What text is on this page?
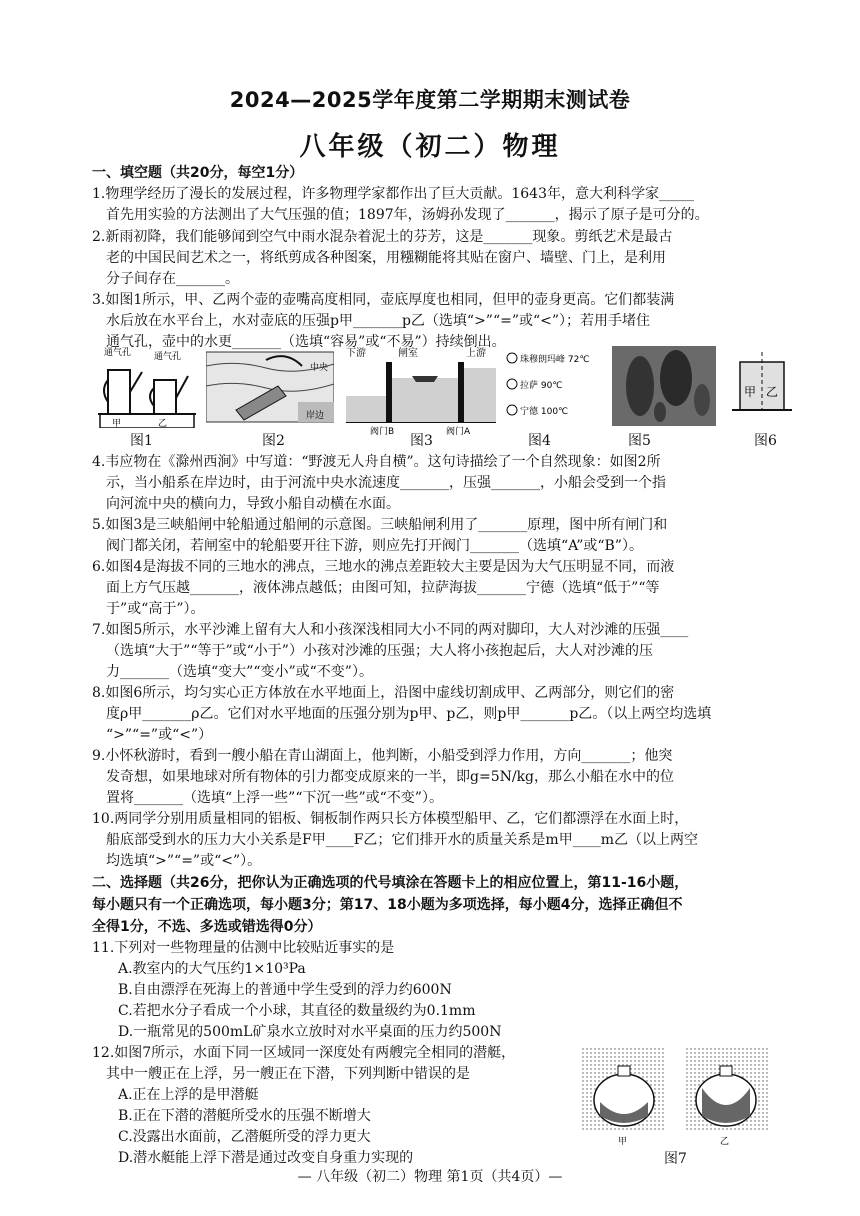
2024—2025学年度第二学期期末测试卷
八年级（初二）物理
一、填空题（共20分，每空1分）
1.物理学经历了漫长的发展过程，许多物理学家都作出了巨大贡献。1643年，意大利科学家_____
首先用实验的方法测出了大气压强的值；1897年，汤姆孙发现了_______，揭示了原子是可分的。
2.新雨初降，我们能够闻到空气中雨水混杂着泥土的芬芳，这是_______现象。剪纸艺术是最古
老的中国民间艺术之一，将纸剪成各种图案，用糨糊能将其贴在窗户、墙壁、门上，是利用
分子间存在_______。
3.如图1所示，甲、乙两个壶的壶嘴高度相同，壶底厚度也相同，但甲的壶身更高。它们都装满
水后放在水平台上，水对壶底的压强p甲_______p乙（选填“>”“=”或“<”）；若用手堵住
通气孔，壶中的水更_______（选填“容易”或“不易”）持续倒出。
通气孔	通气孔
甲	乙
中央
岸边
下游	闸室	上游
阀门B	阀门A
珠穆朗玛峰 72℃
拉萨 90℃
宁德 100℃
甲 乙
图1	图2	图3	图4	图5	图6
4.韦应物在《滁州西涧》中写道：“野渡无人舟自横”。这句诗描绘了一个自然现象：如图2所
示，当小船系在岸边时，由于河流中央水流速度_______，压强_______，小船会受到一个指
向河流中央的横向力，导致小船自动横在水面。
5.如图3是三峡船闸中轮船通过船闸的示意图。三峡船闸利用了_______原理，图中所有闸门和
阀门都关闭，若闸室中的轮船要开往下游，则应先打开阀门_______（选填“A”或“B”）。
6.如图4是海拔不同的三地水的沸点，三地水的沸点差距较大主要是因为大气压明显不同，而液
面上方气压越_______，液体沸点越低；由图可知，拉萨海拔_______宁德（选填“低于”“等
于”或“高于”）。
7.如图5所示，水平沙滩上留有大人和小孩深浅相同大小不同的两对脚印，大人对沙滩的压强____
（选填“大于”“等于”或“小于”）小孩对沙滩的压强；大人将小孩抱起后，大人对沙滩的压
力_______（选填“变大”“变小”或“不变”）。
8.如图6所示，均匀实心正方体放在水平地面上，沿图中虚线切割成甲、乙两部分，则它们的密
度ρ甲_______ρ乙。它们对水平地面的压强分别为p甲、p乙，则p甲_______p乙。（以上两空均选填
“>”“=”或“<”）
9.小怀秋游时，看到一艘小船在青山湖面上，他判断，小船受到浮力作用，方向_______；他突
发奇想，如果地球对所有物体的引力都变成原来的一半，即g=5N/kg，那么小船在水中的位
置将_______（选填“上浮一些”“下沉一些”或“不变”）。
10.两同学分别用质量相同的铝板、铜板制作两只长方体模型船甲、乙，它们都漂浮在水面上时，
船底部受到水的压力大小关系是F甲____F乙；它们排开水的质量关系是m甲____m乙（以上两空
均选填“>”“=”或“<”）。
二、选择题（共26分，把你认为正确选项的代号填涂在答题卡上的相应位置上，第11-16小题，
每小题只有一个正确选项，每小题3分；第17、18小题为多项选择，每小题4分，选择正确但不
全得1分，不选、多选或错选得0分）
11.下列对一些物理量的估测中比较贴近事实的是
A.教室内的大气压约1×10³Pa
B.自由漂浮在死海上的普通中学生受到的浮力约600N
C.若把水分子看成一个小球，其直径的数量级约为0.1mm
D.一瓶常见的500mL矿泉水立放时对水平桌面的压力约500N
12.如图7所示，水面下同一区域同一深度处有两艘完全相同的潜艇，
其中一艘正在上浮，另一艘正在下潜，下列判断中错误的是
A.正在上浮的是甲潜艇
B.正在下潜的潜艇所受水的压强不断增大
C.没露出水面前，乙潜艇所受的浮力更大
D.潜水艇能上浮下潜是通过改变自身重力实现的
甲	乙
图7
— 八年级（初二）物理 第1页（共4页）—
